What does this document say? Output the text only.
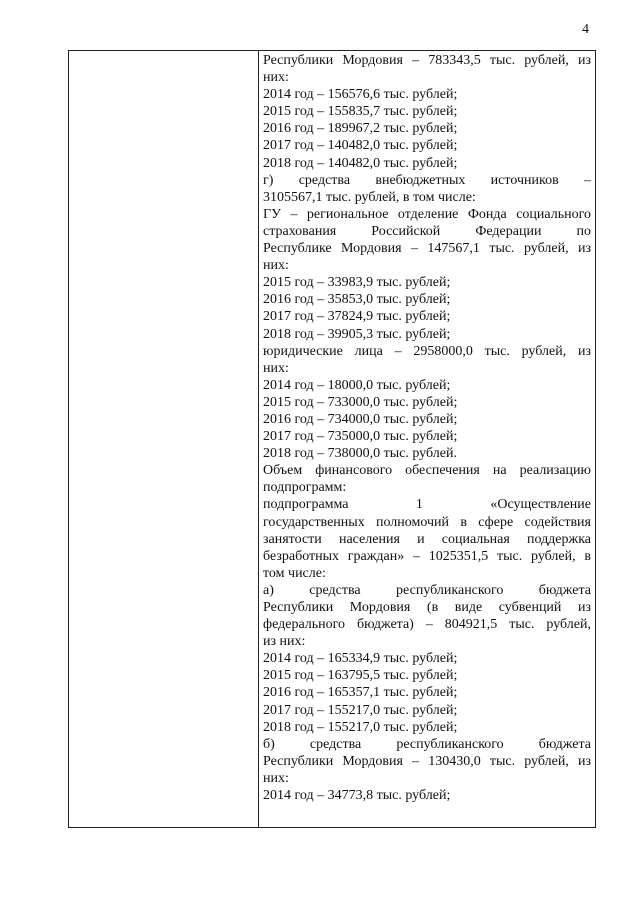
4
Республики Мордовия – 783343,5 тыс. рублей, из
них:
2014 год – 156576,6 тыс. рублей;
2015 год – 155835,7 тыс. рублей;
2016 год – 189967,2 тыс. рублей;
2017 год – 140482,0 тыс. рублей;
2018 год – 140482,0 тыс. рублей;
г) средства внебюджетных источников –
3105567,1 тыс. рублей, в том числе:
ГУ – региональное отделение Фонда социального
страхования Российской Федерации по
Республике Мордовия – 147567,1 тыс. рублей, из
них:
2015 год – 33983,9 тыс. рублей;
2016 год – 35853,0 тыс. рублей;
2017 год – 37824,9 тыс. рублей;
2018 год – 39905,3 тыс. рублей;
юридические лица – 2958000,0 тыс. рублей, из
них:
2014 год – 18000,0 тыс. рублей;
2015 год – 733000,0 тыс. рублей;
2016 год – 734000,0 тыс. рублей;
2017 год – 735000,0 тыс. рублей;
2018 год – 738000,0 тыс. рублей.
Объем финансового обеспечения на реализацию
подпрограмм:
подпрограмма 1 «Осуществление
государственных полномочий в сфере содействия
занятости населения и социальная поддержка
безработных граждан» – 1025351,5 тыс. рублей, в
том числе:
а) средства республиканского бюджета
Республики Мордовия (в виде субвенций из
федерального бюджета) – 804921,5 тыс. рублей,
из них:
2014 год – 165334,9 тыс. рублей;
2015 год – 163795,5 тыс. рублей;
2016 год – 165357,1 тыс. рублей;
2017 год – 155217,0 тыс. рублей;
2018 год – 155217,0 тыс. рублей;
б) средства республиканского бюджета
Республики Мордовия – 130430,0 тыс. рублей, из
них:
2014 год – 34773,8 тыс. рублей;
